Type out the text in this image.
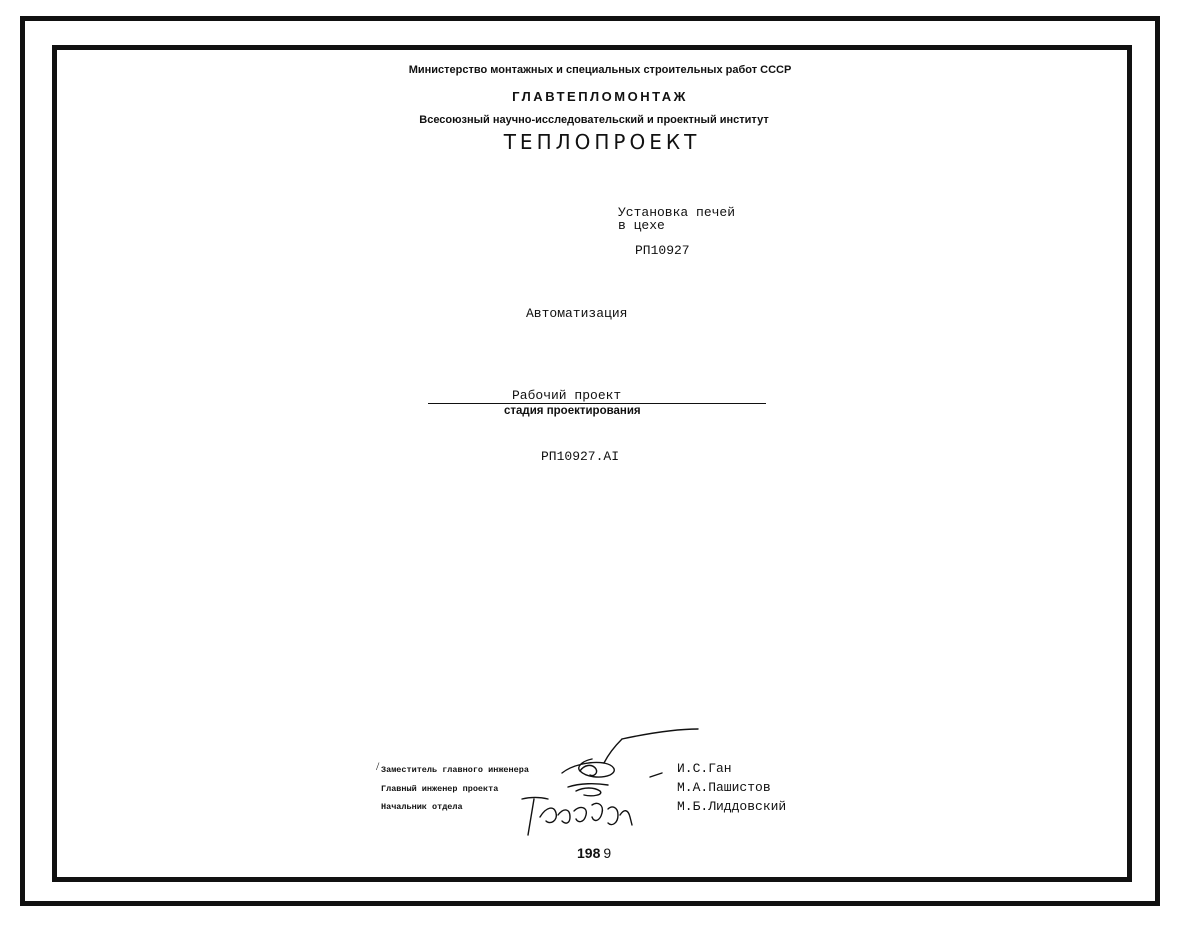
Министерство монтажных и специальных строительных работ СССР
ГЛАВТЕПЛОМОНТАЖ
Всесоюзный научно-исследовательский и проектный институт
ТЕПЛОПРОЕКТ
Установка печей
в цехе
РП10927
Автоматизация
Рабочий проект
стадия проектирования
РП10927.АI
/ Заместитель главного инженера
Главный инженер проекта
Начальник отдела
И.С.Ган
М.А.Пашистов
М.Б.Лиддовский
198 9
